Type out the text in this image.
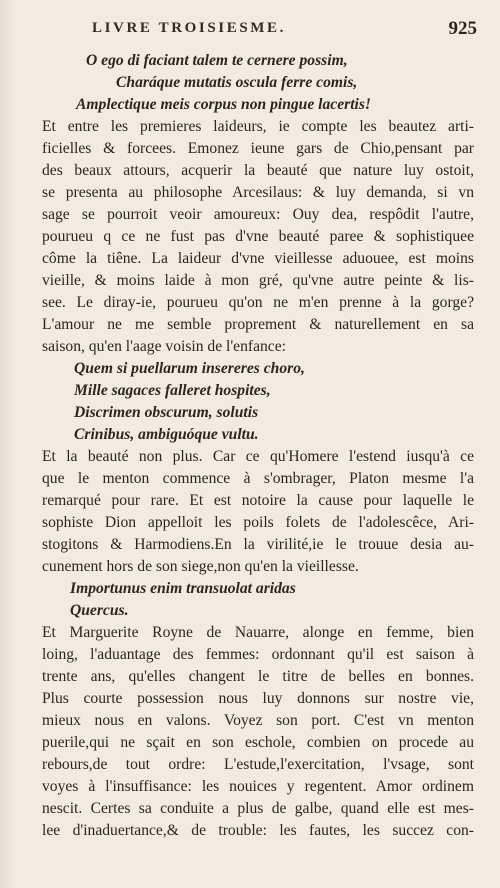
LIVRE TROISIESME.	925
O ego di faciant talem te cernere possim,
Charáque mutatis oscula ferre comis,
Amplectique meis corpus non pingue lacertis!
Et entre les premieres laideurs, ie compte les beautez arti-
ficielles & forcees. Emonez ieune gars de Chio,pensant par
des beaux attours, acquerir la beauté que nature luy ostoit,
se presenta au philosophe Arcesilaus: & luy demanda, si vn
sage se pourroit veoir amoureux: Ouy dea, respôdit l'autre,
pourueu q ce ne fust pas d'vne beauté paree & sophistiquee
côme la tiêne. La laideur d'vne vieillesse aduouee, est moins
vieille, & moins laide à mon gré, qu'vne autre peinte & lis-
see. Le diray-ie, pourueu qu'on ne m'en prenne à la gorge?
L'amour ne me semble proprement & naturellement en sa
saison, qu'en l'aage voisin de l'enfance:
Quem si puellarum insereres choro,
Mille sagaces falleret hospites,
Discrimen obscurum, solutis
Crinibus, ambiguóque vultu.
Et la beauté non plus. Car ce qu'Homere l'estend iusqu'à ce
que le menton commence à s'ombrager, Platon mesme l'a
remarqué pour rare. Et est notoire la cause pour laquelle le
sophiste Dion appelloit les poils folets de l'adolescêce, Ari-
stogitons & Harmodiens.En la virilité,ie le trouue desia au-
cunement hors de son siege,non qu'en la vieillesse.
Importunus enim transuolat aridas
Quercus.
Et Marguerite Royne de Nauarre, alonge en femme, bien
loing, l'aduantage des femmes: ordonnant qu'il est saison à
trente ans, qu'elles changent le titre de belles en bonnes.
Plus courte possession nous luy donnons sur nostre vie,
mieux nous en valons. Voyez son port. C'est vn menton
puerile,qui ne sçait en son eschole, combien on procede au
rebours,de tout ordre: L'estude,l'exercitation, l'vsage, sont
voyes à l'insuffisance: les nouices y regentent. Amor ordinem
nescit. Certes sa conduite a plus de galbe, quand elle est mes-
lee d'inaduertance,& de trouble: les fautes, les succez con-
